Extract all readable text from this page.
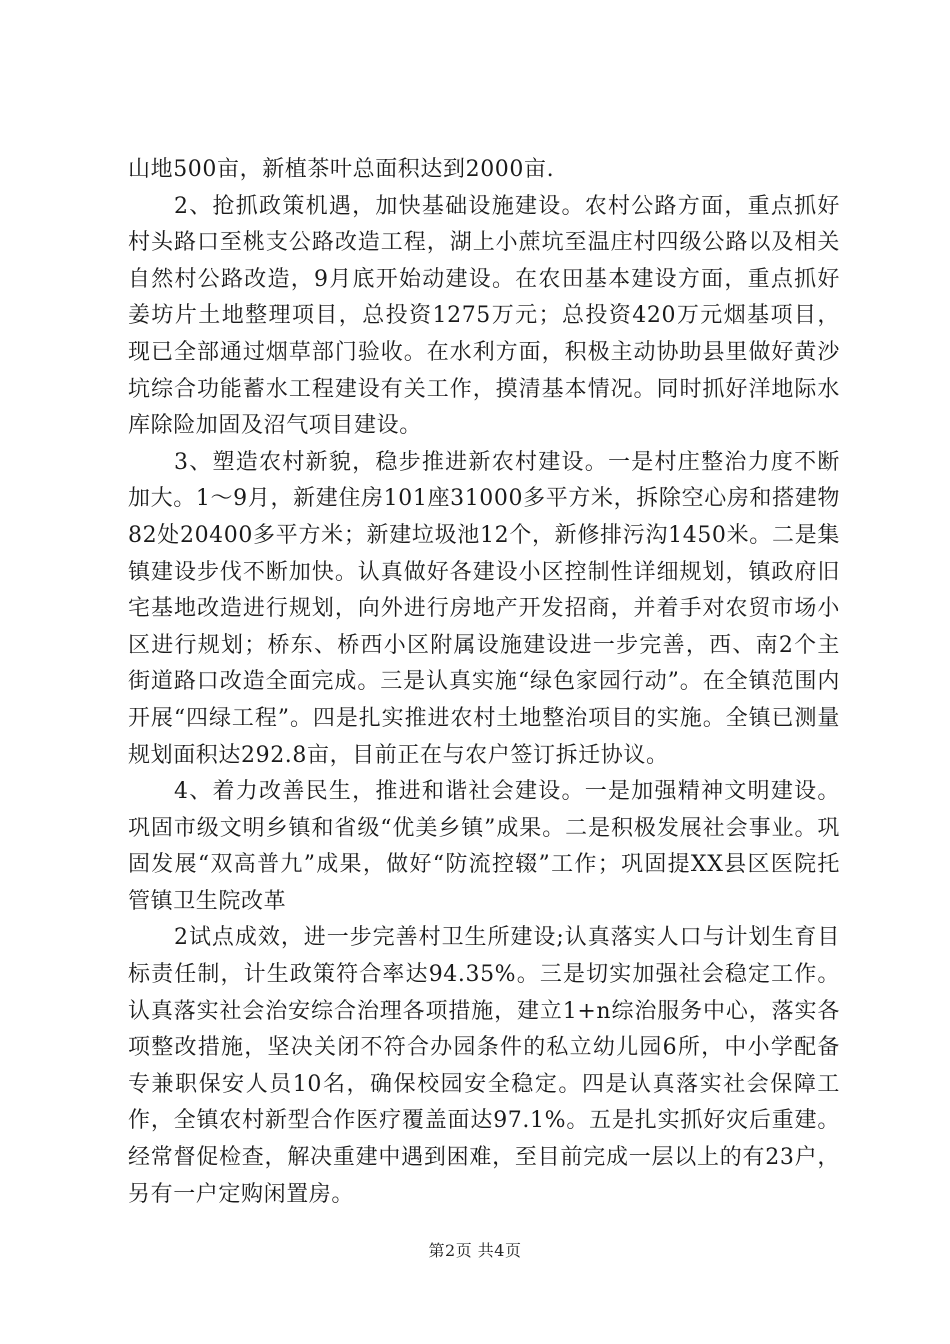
山地500亩，新植茶叶总面积达到2000亩.

2、抢抓政策机遇，加快基础设施建设。农村公路方面，重点抓好村头路口至桃支公路改造工程，湖上小蔗坑至温庄村四级公路以及相关自然村公路改造，9月底开始动建设。在农田基本建设方面，重点抓好姜坊片土地整理项目，总投资1275万元；总投资420万元烟基项目，现已全部通过烟草部门验收。在水利方面，积极主动协助县里做好黄沙坑综合功能蓄水工程建设有关工作，摸清基本情况。同时抓好洋地际水库除险加固及沼气项目建设。

3、塑造农村新貌，稳步推进新农村建设。一是村庄整治力度不断加大。1～9月，新建住房101座31000多平方米，拆除空心房和搭建物82处20400多平方米；新建垃圾池12个，新修排污沟1450米。二是集镇建设步伐不断加快。认真做好各建设小区控制性详细规划，镇政府旧宅基地改造进行规划，向外进行房地产开发招商，并着手对农贸市场小区进行规划；桥东、桥西小区附属设施建设进一步完善，西、南2个主街道路口改造全面完成。三是认真实施“绿色家园行动”。在全镇范围内开展“四绿工程”。四是扎实推进农村土地整治项目的实施。全镇已测量规划面积达292.8亩，目前正在与农户签订拆迁协议。

4、着力改善民生，推进和谐社会建设。一是加强精神文明建设。巩固市级文明乡镇和省级“优美乡镇”成果。二是积极发展社会事业。巩固发展“双高普九”成果，做好“防流控辍”工作；巩固提XX县区医院托管镇卫生院改革

2试点成效，进一步完善村卫生所建设;认真落实人口与计划生育目标责任制，计生政策符合率达94.35%。三是切实加强社会稳定工作。认真落实社会治安综合治理各项措施，建立1+n综治服务中心，落实各项整改措施，坚决关闭不符合办园条件的私立幼儿园6所，中小学配备专兼职保安人员10名，确保校园安全稳定。四是认真落实社会保障工作，全镇农村新型合作医疗覆盖面达97.1%。五是扎实抓好灾后重建。经常督促检查，解决重建中遇到困难，至目前完成一层以上的有23户，另有一户定购闲置房。

第2页 共4页
